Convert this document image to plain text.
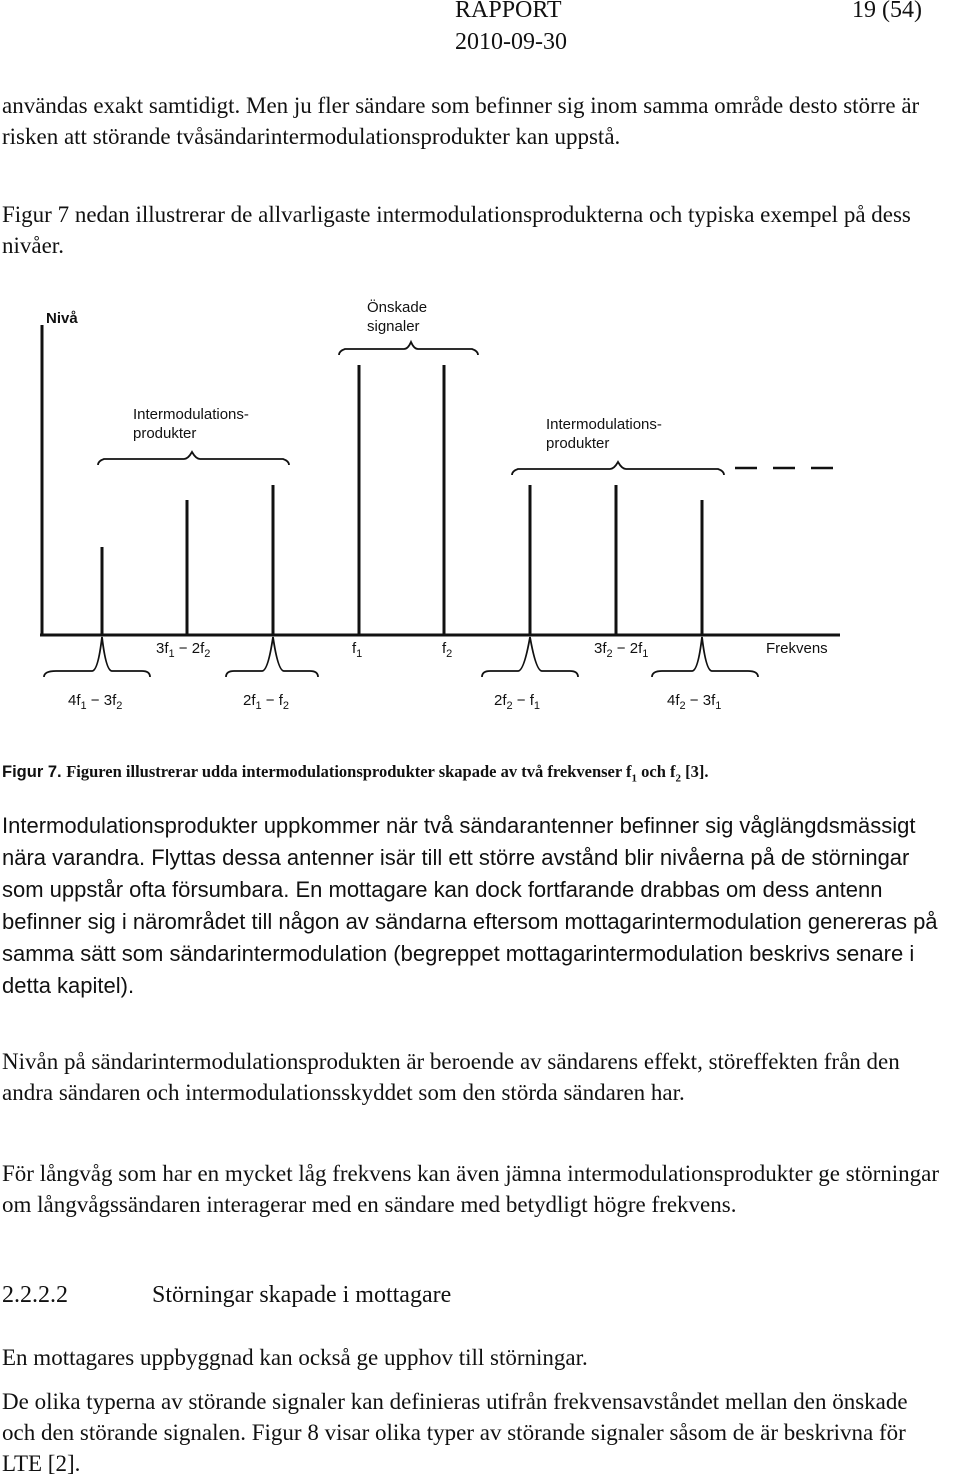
RAPPORT
2010-09-30
19 (54)

användas exakt samtidigt. Men ju fler sändare som befinner sig inom samma område desto större är risken att störande tvåsändarintermodulationsprodukter kan uppstå.

Figur 7 nedan illustrerar de allvarligaste intermodulationsprodukterna och typiska exempel på dess nivåer.

Nivå
Önskade
signaler
Intermodulations-
produkter
Intermodulations-
produkter
$3f_1 - 2f_2$	$f_1$	$f_2$	$3f_2 - 2f_1$	Frekvens
$4f_1 - 3f_2$	$2f_1 - f_2$	$2f_2 - f_1$	$4f_2 - 3f_1$
Figur 7. Figuren illustrerar udda intermodulationsprodukter skapade av två frekvenser $f_1$ och $f_2$ [3].

Intermodulationsprodukter uppkommer när två sändarantenner befinner sig våglängdsmässigt nära varandra. Flyttas dessa antenner isär till ett större avstånd blir nivåerna på de störningar som uppstår ofta försumbara. En mottagare kan dock fortfarande drabbas om dess antenn befinner sig i närområdet till någon av sändarna eftersom mottagarintermodulation genereras på samma sätt som sändarintermodulation (begreppet mottagarintermodulation beskrivs senare i detta kapitel).

Nivån på sändarintermodulationsprodukten är beroende av sändarens effekt, störeffekten från den andra sändaren och intermodulationsskyddet som den störda sändaren har.

För långvåg som har en mycket låg frekvens kan även jämna intermodulationsprodukter ge störningar om långvågssändaren interagerar med en sändare med betydligt högre frekvens.

2.2.2.2	Störningar skapade i mottagare

En mottagares uppbyggnad kan också ge upphov till störningar.

De olika typerna av störande signaler kan definieras utifrån frekvensavståndet mellan den önskade och den störande signalen. Figur 8 visar olika typer av störande signaler såsom de är beskrivna för LTE [2].
